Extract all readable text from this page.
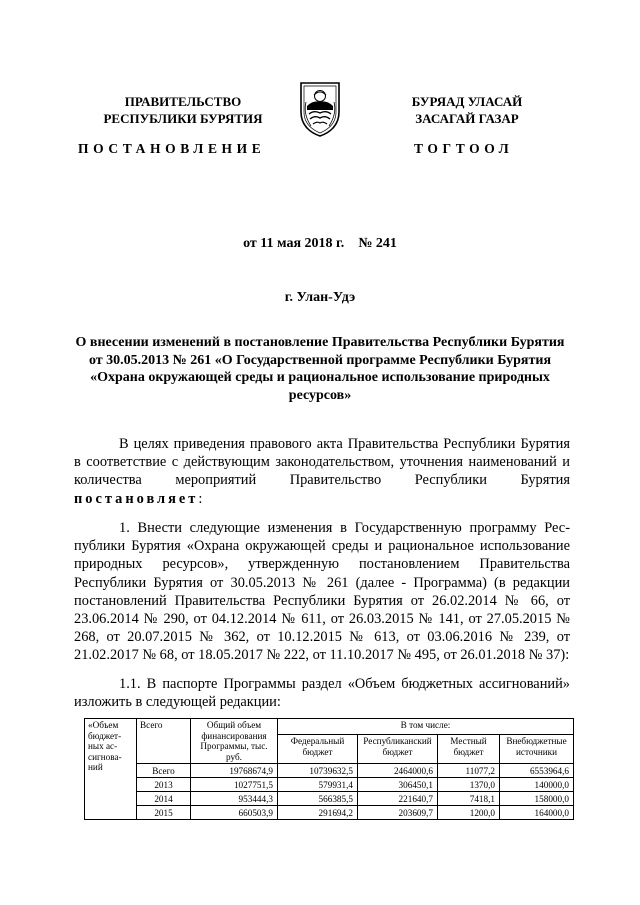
ПРАВИТЕЛЬСТВО
РЕСПУБЛИКИ БУРЯТИЯ
БУРЯАД УЛАСАЙ
ЗАСАГАЙ ГАЗАР
ПОСТАНОВЛЕНИЕ	ТОГТООЛ
от 11 мая 2018 г. № 241
г. Улан-Удэ
О внесении изменений в постановление Правительства Республики Бурятия от 30.05.2013 № 261 «О Государственной программе Республики Бурятия «Охрана окружающей среды и рациональное использование природных ресурсов»
В целях приведения правового акта Правительства Республики Бурятия в соответствие с действующим законодательством, уточнения наименований и количества мероприятий Правительство Республики Бурятия постановляет:
1. Внести следующие изменения в Государственную программу Республики Бурятия «Охрана окружающей среды и рациональное использование природных ресурсов», утвержденную постановлением Правительства Республики Бурятия от 30.05.2013 № 261 (далее - Программа) (в редакции постановлений Правительства Республики Бурятия от 26.02.2014 № 66, от 23.06.2014 № 290, от 04.12.2014 № 611, от 26.03.2015 № 141, от 27.05.2015 № 268, от 20.07.2015 № 362, от 10.12.2015 № 613, от 03.06.2016 № 239, от 21.02.2017 № 68, от 18.05.2017 № 222, от 11.10.2017 № 495, от 26.01.2018 № 37):
1.1. В паспорте Программы раздел «Объем бюджетных ассигнований» изложить в следующей редакции:
«Объем бюджетных ассигнований	Всего	Общий объем финансирования Программы, тыс. руб.	В том числе:			
			Федеральный бюджет	Республиканский бюджет	Местный бюджет	Внебюджетные источники
	Всего	19768674,9	10739632,5	2464000,6	11077,2	6553964,6
	2013	1027751,5	579931,4	306450,1	1370,0	140000,0
	2014	953444,3	566385,5	221640,7	7418,1	158000,0
	2015	660503,9	291694,2	203609,7	1200,0	164000,0
